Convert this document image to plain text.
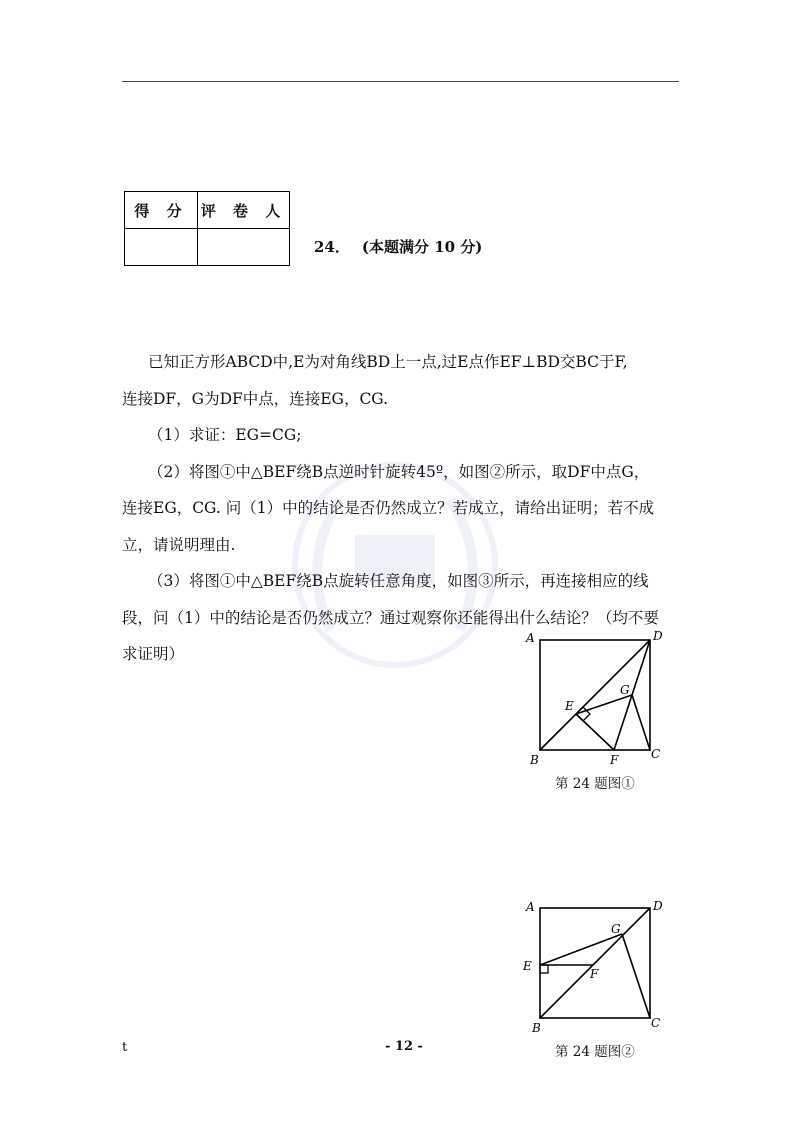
得 分	评 卷 人

24． (本题满分 10 分)

已知正方形ABCD中,E为对角线BD上一点,过E点作EF⊥BD交BC于F,

连接DF，G为DF中点，连接EG，CG.

（1）求证：EG=CG;

（2）将图①中△BEF绕B点逆时针旋转45º，如图②所示，取DF中点G，

连接EG，CG. 问（1）中的结论是否仍然成立？若成立，请给出证明；若不成

立，请说明理由.

（3）将图①中△BEF绕B点旋转任意角度，如图③所示，再连接相应的线

段，问（1）中的结论是否仍然成立？通过观察你还能得出什么结论？（均不要

求证明）

A	D
B	C
E
F
G
第 24 题图①
A	D
B	C
E
F
G
第 24 题图②
t	- 12 -
